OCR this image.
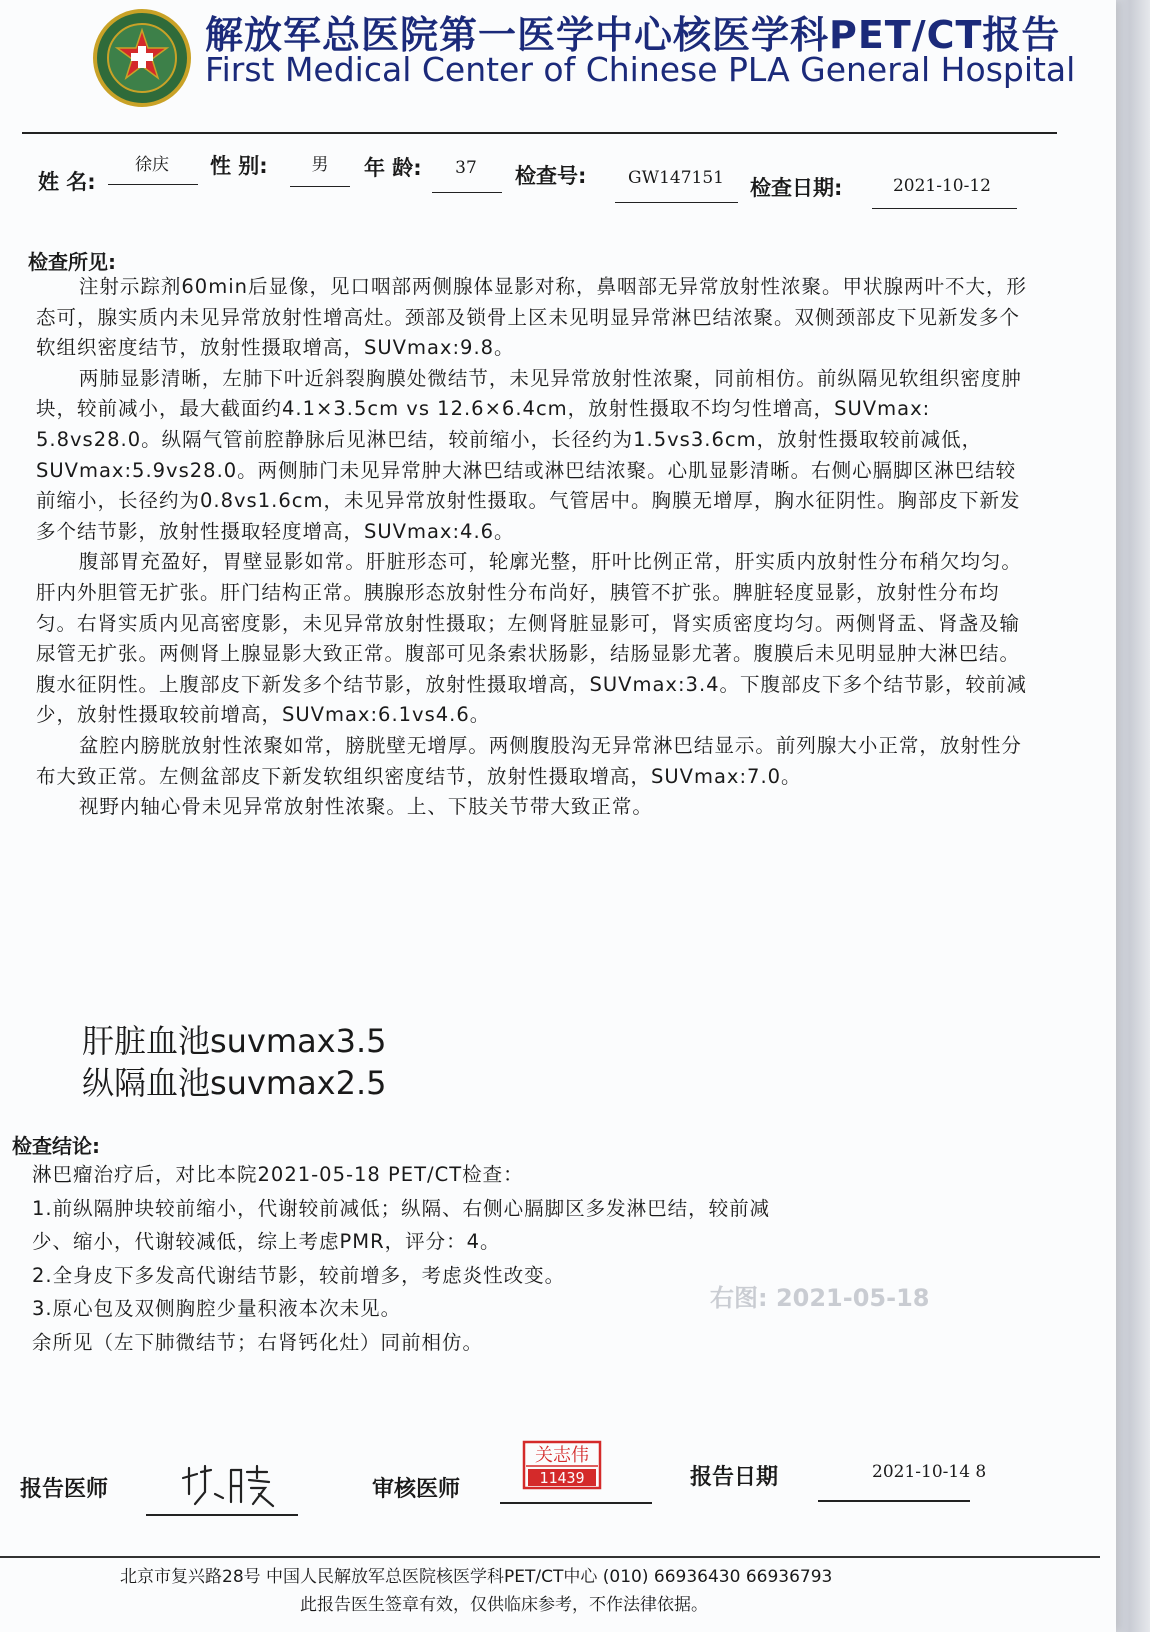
解放军总医院第一医学中心核医学科PET/CT报告
First Medical Center of Chinese PLA General Hospital
姓 名:
徐庆	性 别:	男	年 龄:	37	检查号:	GW147151	检查日期:	2021-10-12
检查所见:

注射示踪剂60min后显像，见口咽部两侧腺体显影对称，鼻咽部无异常放射性浓聚。甲状腺两叶不大，形态可，腺实质内未见异常放射性增高灶。颈部及锁骨上区未见明显异常淋巴结浓聚。双侧颈部皮下见新发多个软组织密度结节，放射性摄取增高，SUVmax:9.8。

两肺显影清晰，左肺下叶近斜裂胸膜处微结节，未见异常放射性浓聚，同前相仿。前纵隔见软组织密度肿块，较前减小，最大截面约4.1×3.5cm vs 12.6×6.4cm，放射性摄取不均匀性增高，SUVmax: 5.8vs28.0。纵隔气管前腔静脉后见淋巴结，较前缩小，长径约为1.5vs3.6cm，放射性摄取较前减低，SUVmax:5.9vs28.0。两侧肺门未见异常肿大淋巴结或淋巴结浓聚。心肌显影清晰。右侧心膈脚区淋巴结较前缩小，长径约为0.8vs1.6cm，未见异常放射性摄取。气管居中。胸膜无增厚，胸水征阴性。胸部皮下新发多个结节影，放射性摄取轻度增高，SUVmax:4.6。

腹部胃充盈好，胃壁显影如常。肝脏形态可，轮廓光整，肝叶比例正常，肝实质内放射性分布稍欠均匀。肝内外胆管无扩张。肝门结构正常。胰腺形态放射性分布尚好，胰管不扩张。脾脏轻度显影，放射性分布均匀。右肾实质内见高密度影，未见异常放射性摄取；左侧肾脏显影可，肾实质密度均匀。两侧肾盂、肾盏及输尿管无扩张。两侧肾上腺显影大致正常。腹部可见条索状肠影，结肠显影尤著。腹膜后未见明显肿大淋巴结。腹水征阴性。上腹部皮下新发多个结节影，放射性摄取增高，SUVmax:3.4。下腹部皮下多个结节影，较前减少，放射性摄取较前增高，SUVmax:6.1vs4.6。

盆腔内膀胱放射性浓聚如常，膀胱壁无增厚。两侧腹股沟无异常淋巴结显示。前列腺大小正常，放射性分布大致正常。左侧盆部皮下新发软组织密度结节，放射性摄取增高，SUVmax:7.0。

视野内轴心骨未见异常放射性浓聚。上、下肢关节带大致正常。

肝脏血池suvmax3.5
纵隔血池suvmax2.5
右图: 2021-05-18
检查结论:
淋巴瘤治疗后，对比本院2021-05-18 PET/CT检查：
1.前纵隔肿块较前缩小，代谢较前减低；纵隔、右侧心膈脚区多发淋巴结，较前减
少、缩小，代谢较减低，综上考虑PMR，评分：4。
2.全身皮下多发高代谢结节影，较前增多，考虑炎性改变。
3.原心包及双侧胸腔少量积液本次未见。
余所见（左下肺微结节；右肾钙化灶）同前相仿。
报告医师	审核医师
关志伟
11439	报告日期	2021-10-14 8
北京市复兴路28号 中国人民解放军总医院核医学科PET/CT中心 (010) 66936430 66936793
此报告医生签章有效，仅供临床参考，不作法律依据。
